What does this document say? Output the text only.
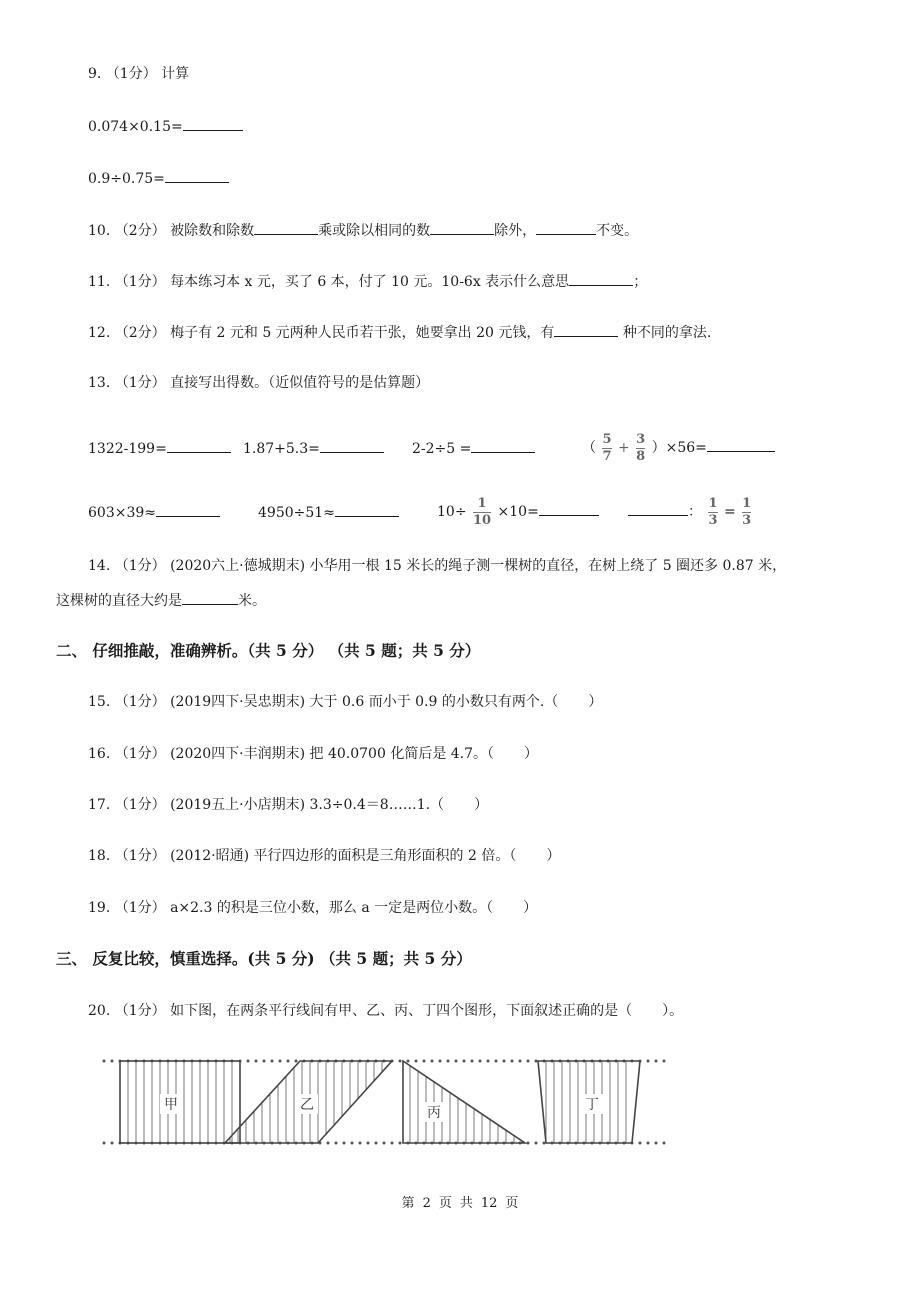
9. （1分） 计算
0.074×0.15=
0.9÷0.75=
10. （2分） 被除数和除数	乘或除以相同的数	除外，	不变。
11. （1分） 每本练习本 x 元，买了 6 本，付了 10 元。10-6x 表示什么意思	；
12. （2分） 梅子有 2 元和 5 元两种人民币若干张，她要拿出 20 元钱，有	种不同的拿法.
13. （1分） 直接写出得数。（近似值符号的是估算题）
1322-199=	1.87+5.3=	2-2÷5 =	（ $\frac{5}{7} + \frac{3}{8} )\times 56=$
603×39≈	4950÷51≈	$10\div \frac{1}{10} \times 10=$	： $\frac{1}{3} = \frac{1}{3}$
14. （1分） (2020六上·德城期末) 小华用一根 15 米长的绳子测一棵树的直径，在树上绕了 5 圈还多 0.87 米，
这棵树的直径大约是	米。
二、 仔细推敲，准确辨析。（共 5 分） （共 5 题；共 5 分）
15. （1分） (2019四下·吴忠期末) 大于 0.6 而小于 0.9 的小数只有两个.（ ）
16. （1分） (2020四下·丰润期末) 把 40.0700 化简后是 4.7。（ ）
17. （1分） (2019五上·小店期末) 3.3÷0.4＝8……1.（ ）
18. （1分） (2012·昭通) 平行四边形的面积是三角形面积的 2 倍。（ ）
19. （1分） a×2.3 的积是三位小数，那么 a 一定是两位小数。（ ）
三、 反复比较，慎重选择。(共 5 分) （共 5 题；共 5 分）
20. （1分） 如下图，在两条平行线间有甲、乙、丙、丁四个图形，下面叙述正确的是（ ）。
甲	乙	丙	丁
第 2 页 共 12 页
